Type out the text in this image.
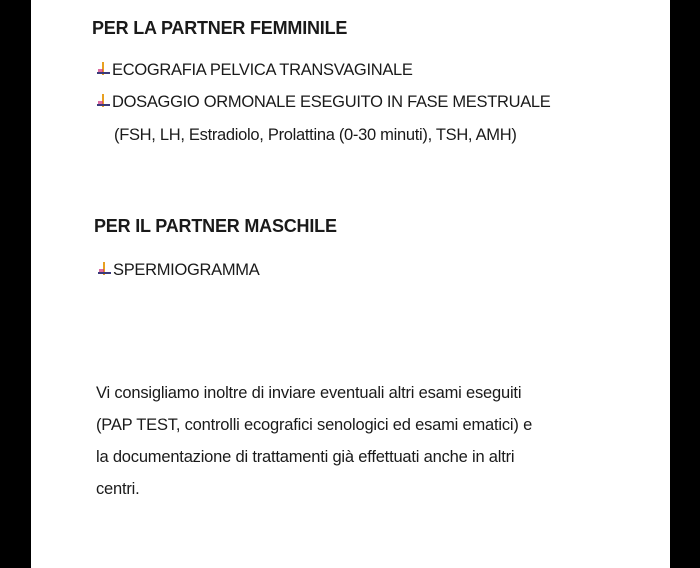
PER LA PARTNER FEMMINILE
ECOGRAFIA PELVICA TRANSVAGINALE
DOSAGGIO ORMONALE ESEGUITO IN FASE MESTRUALE
(FSH, LH, Estradiolo, Prolattina (0-30 minuti), TSH, AMH)
PER IL PARTNER MASCHILE
SPERMIOGRAMMA
Vi consigliamo inoltre di inviare eventuali altri esami eseguiti
(PAP TEST, controlli ecografici senologici ed esami ematici) e
la documentazione di trattamenti già effettuati anche in altri
centri.
